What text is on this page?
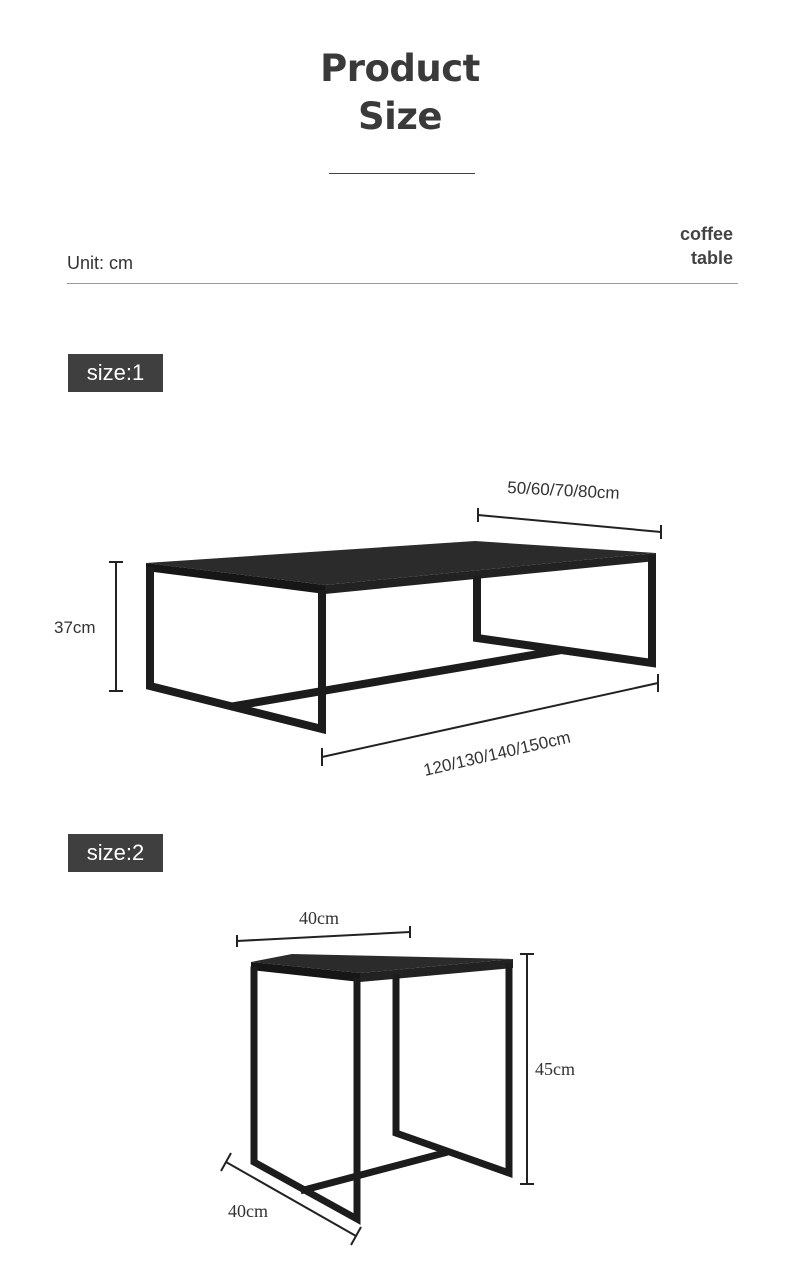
Product
Size
Unit: cm
coffee
table
size:1
size:2
37cm
50/60/70/80cm
120/130/140/150cm
40cm
45cm
40cm
